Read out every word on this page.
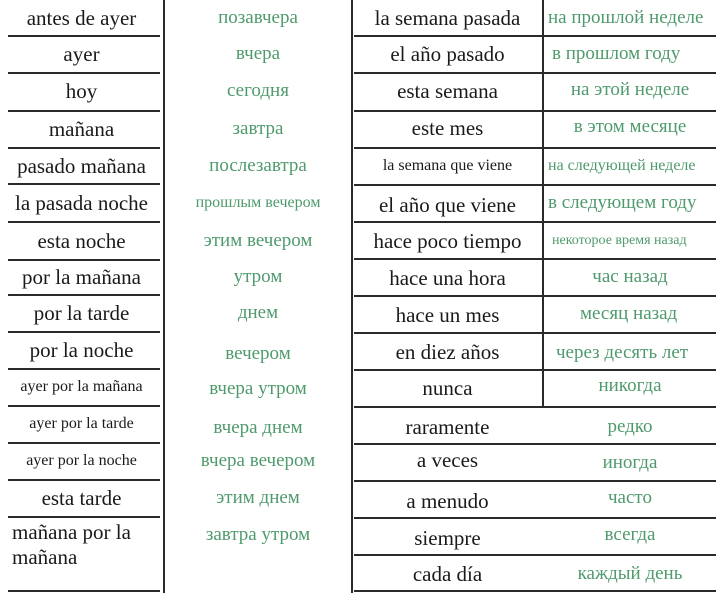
antes de ayer
ayer
hoy
mañana
pasado mañana
la pasada noche
esta noche
por la mañana
por la tarde
por la noche
ayer por la mañana
ayer por la tarde
ayer por la noche
esta tarde
mañana por la mañana
позавчера
вчера
сегодня
завтра
послезавтра
прошлым вечером
этим вечером
утром
днем
вечером
вчера утром
вчера днем
вчера вечером
этим днем
завтра утром
la semana pasada
el año pasado
esta semana
este mes
la semana que viene
el año que viene
hace poco tiempo
hace una hora
hace un mes
en diez años
nunca
raramente
a veces
a menudo
siempre
cada día
на прошлой неделе
в прошлом году
на этой неделе
в этом месяце
на следующей неделе
в следующем году
некоторое время назад
час назад
месяц назад
через десять лет
никогда
редко
иногда
часто
всегда
каждый день
